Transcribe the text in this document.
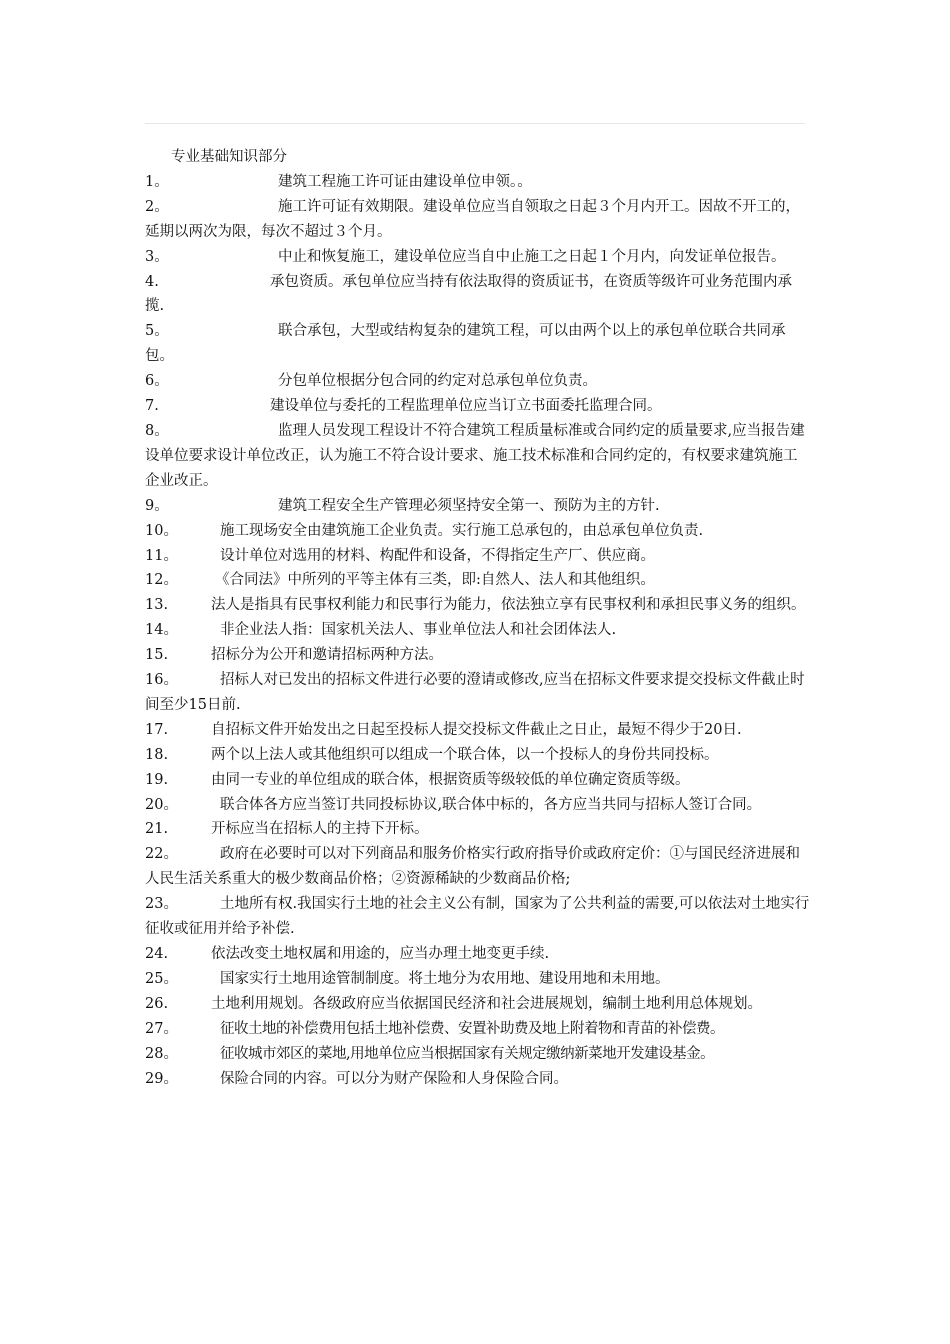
专业基础知识部分
1。	建筑工程施工许可证由建设单位申领。。
2。	施工许可证有效期限。建设单位应当自领取之日起３个月内开工。因故不开工的，延期以两次为限，每次不超过３个月。
3。	中止和恢复施工，建设单位应当自中止施工之日起１个月内，向发证单位报告。
4.	承包资质。承包单位应当持有依法取得的资质证书，在资质等级许可业务范围内承揽.
5。	联合承包，大型或结构复杂的建筑工程，可以由两个以上的承包单位联合共同承包。
6。	分包单位根据分包合同的约定对总承包单位负责。
7.	建设单位与委托的工程监理单位应当订立书面委托监理合同。
8。	监理人员发现工程设计不符合建筑工程质量标准或合同约定的质量要求,应当报告建设单位要求设计单位改正，认为施工不符合设计要求、施工技术标准和合同约定的，有权要求建筑施工企业改正。
9。	建筑工程安全生产管理必须坚持安全第一、预防为主的方针.
10。	施工现场安全由建筑施工企业负责。实行施工总承包的，由总承包单位负责.
11。	设计单位对选用的材料、构配件和设备，不得指定生产厂、供应商。
12。	《合同法》中所列的平等主体有三类，即:自然人、法人和其他组织。
13.	法人是指具有民事权利能力和民事行为能力，依法独立享有民事权利和承担民事义务的组织。
14。	非企业法人指：国家机关法人、事业单位法人和社会团体法人.
15.	招标分为公开和邀请招标两种方法。
16。	招标人对已发出的招标文件进行必要的澄请或修改,应当在招标文件要求提交投标文件截止时间至少15日前.
17.	自招标文件开始发出之日起至投标人提交投标文件截止之日止，最短不得少于20日.
18.	两个以上法人或其他组织可以组成一个联合体，以一个投标人的身份共同投标。
19.	由同一专业的单位组成的联合体，根据资质等级较低的单位确定资质等级。
20。	联合体各方应当签订共同投标协议,联合体中标的，各方应当共同与招标人签订合同。
21.	开标应当在招标人的主持下开标。
22。	政府在必要时可以对下列商品和服务价格实行政府指导价或政府定价：①与国民经济进展和人民生活关系重大的极少数商品价格；②资源稀缺的少数商品价格;
23。	土地所有权.我国实行土地的社会主义公有制，国家为了公共利益的需要,可以依法对土地实行征收或征用并给予补偿.
24.	依法改变土地权属和用途的，应当办理土地变更手续.
25。	国家实行土地用途管制制度。将土地分为农用地、建设用地和未用地。
26.	土地利用规划。各级政府应当依据国民经济和社会进展规划，编制土地利用总体规划。
27。	征收土地的补偿费用包括土地补偿费、安置补助费及地上附着物和青苗的补偿费。
28。	征收城市郊区的菜地,用地单位应当根据国家有关规定缴纳新菜地开发建设基金。
29。	保险合同的内容。可以分为财产保险和人身保险合同。
